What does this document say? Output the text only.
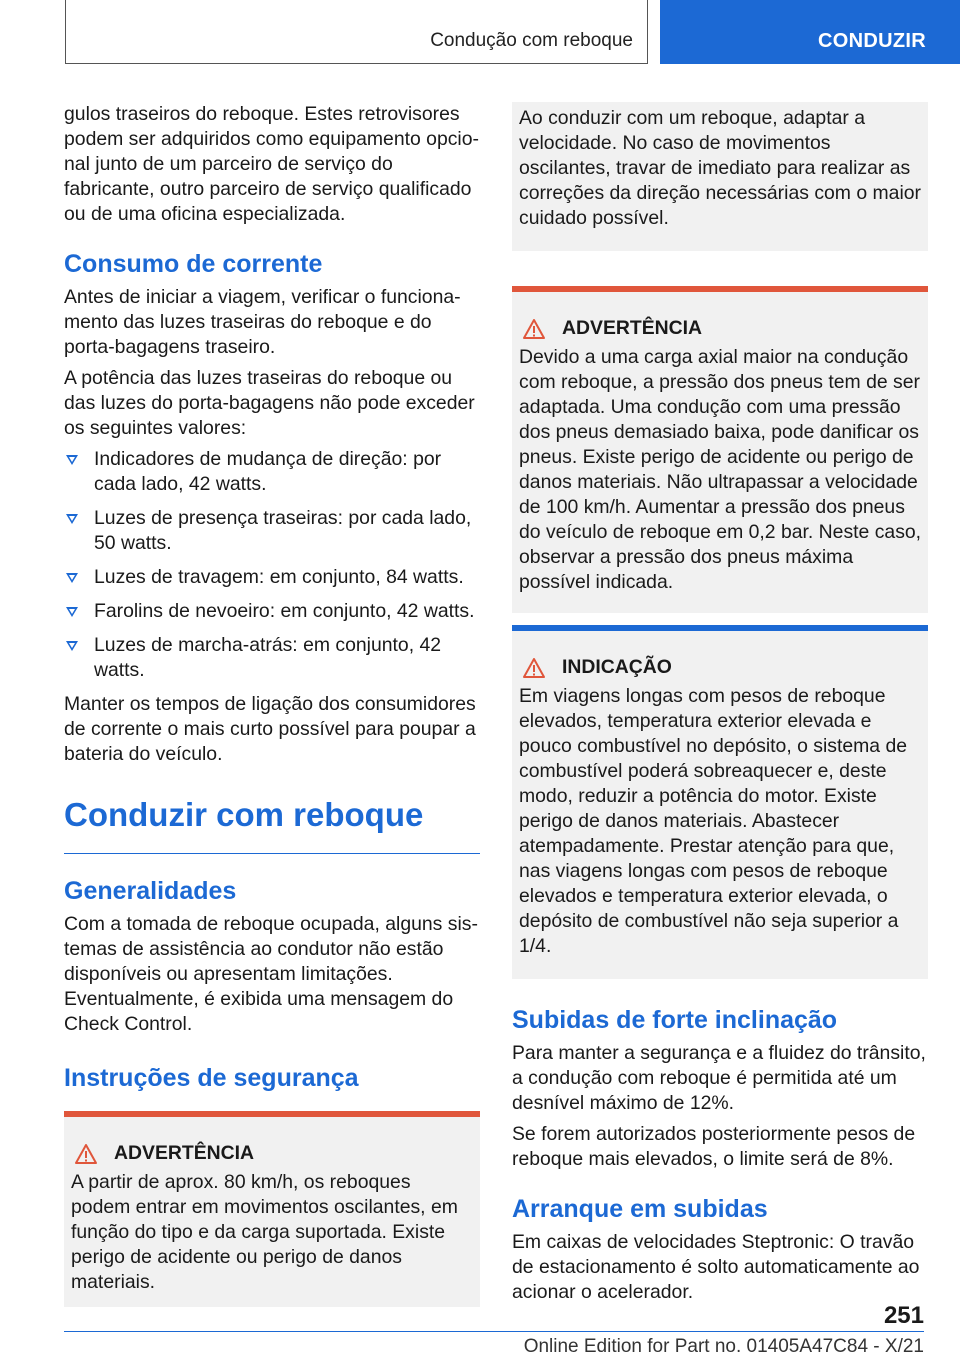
Condução com reboque	CONDUZIR

gulos traseiros do reboque. Estes retrovisores podem ser adquiridos como equipamento opcional junto de um parceiro de serviço do fabricante, outro parceiro de serviço qualificado ou de uma oficina especializada.

Consumo de corrente

Antes de iniciar a viagem, verificar o funcionamento das luzes traseiras do reboque e do porta-bagagens traseiro.

A potência das luzes traseiras do reboque ou das luzes do porta-bagagens não pode exceder os seguintes valores:

Indicadores de mudança de direção: por cada lado, 42 watts.
Luzes de presença traseiras: por cada lado, 50 watts.
Luzes de travagem: em conjunto, 84 watts.
Farolins de nevoeiro: em conjunto, 42 watts.
Luzes de marcha-atrás: em conjunto, 42 watts.

Manter os tempos de ligação dos consumidores de corrente o mais curto possível para poupar a bateria do veículo.

Conduzir com reboque
Generalidades

Com a tomada de reboque ocupada, alguns sistemas de assistência ao condutor não estão disponíveis ou apresentam limitações. Eventualmente, é exibida uma mensagem do Check Control.

Instruções de segurança
ADVERTÊNCIA

A partir de aprox. 80 km/h, os reboques podem entrar em movimentos oscilantes, em função do tipo e da carga suportada. Existe perigo de acidente ou perigo de danos materiais.

Ao conduzir com um reboque, adaptar a velocidade. No caso de movimentos oscilantes, travar de imediato para realizar as correções da direção necessárias com o maior cuidado possível.

ADVERTÊNCIA

Devido a uma carga axial maior na condução com reboque, a pressão dos pneus tem de ser adaptada. Uma condução com uma pressão dos pneus demasiado baixa, pode danificar os pneus. Existe perigo de acidente ou perigo de danos materiais. Não ultrapassar a velocidade de 100 km/h. Aumentar a pressão dos pneus do veículo de reboque em 0,2 bar. Neste caso, observar a pressão dos pneus máxima possível indicada.

INDICAÇÃO

Em viagens longas com pesos de reboque elevados, temperatura exterior elevada e pouco combustível no depósito, o sistema de combustível poderá sobreaquecer e, deste modo, reduzir a potência do motor. Existe perigo de danos materiais. Abastecer atempadamente. Prestar atenção para que, nas viagens longas com pesos de reboque elevados e temperatura exterior elevada, o depósito de combustível não seja superior a 1/4.

Subidas de forte inclinação

Para manter a segurança e a fluidez do trânsito, a condução com reboque é permitida até um desnível máximo de 12%.

Se forem autorizados posteriormente pesos de reboque mais elevados, o limite será de 8%.

Arranque em subidas

Em caixas de velocidades Steptronic: O travão de estacionamento é solto automaticamente ao acionar o acelerador.

251
Online Edition for Part no. 01405A47C84 - X/21
